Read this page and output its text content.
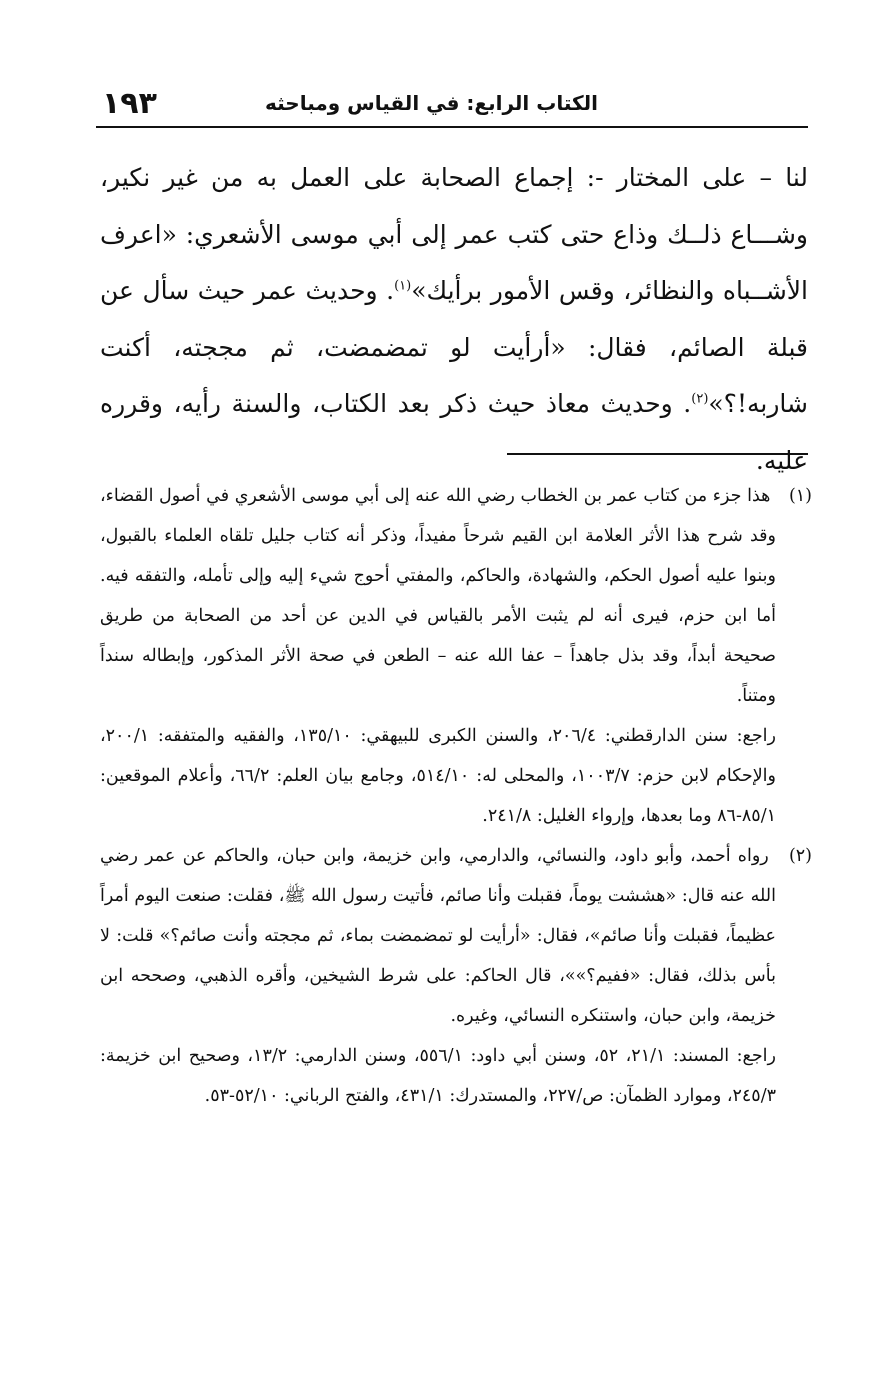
١٩٣	الكتاب الرابع: في القياس ومباحثه

لنا – على المختار -: إجماع الصحابة على العمل به من غير نكير، وشـــاع ذلــك وذاع حتى كتب عمر إلى أبي موسى الأشعري: «اعرف الأشــباه والنظائر، وقس الأمور برأيك»$^{(١)}$. وحديث عمر حيث سأل عن قبلة الصائم، فقال: «أرأيت لو تمضمضت، ثم مججته، أكنت شاربه!؟»$^{(٢)}$. وحديث معاذ حيث ذكر بعد الكتاب، والسنة رأيه، وقرره عليه.

(١) هذا جزء من كتاب عمر بن الخطاب رضي الله عنه إلى أبي موسى الأشعري في أصول القضاء، وقد شرح هذا الأثر العلامة ابن القيم شرحاً مفيداً، وذكر أنه كتاب جليل تلقاه العلماء بالقبول، وبنوا عليه أصول الحكم، والشهادة، والحاكم، والمفتي أحوج شيء إليه وإلى تأمله، والتفقه فيه. أما ابن حزم، فيرى أنه لم يثبت الأمر بالقياس في الدين عن أحد من الصحابة من طريق صحيحة أبداً، وقد بذل جاهداً – عفا الله عنه – الطعن في صحة الأثر المذكور، وإبطاله سنداً ومتناً.
راجع: سنن الدارقطني: ٢٠٦/٤، والسنن الكبرى للبيهقي: ١٣٥/١٠، والفقيه والمتفقه: ٢٠٠/١، والإحكام لابن حزم: ١٠٠٣/٧، والمحلى له: ٥١٤/١٠، وجامع بيان العلم: ٦٦/٢، وأعلام الموقعين: ٨٥/١-٨٦ وما بعدها، وإرواء الغليل: ٢٤١/٨.
(٢) رواه أحمد، وأبو داود، والنسائي، والدارمي، وابن خزيمة، وابن حبان، والحاكم عن عمر رضي الله عنه قال: «هششت يوماً، فقبلت وأنا صائم، فأتيت رسول الله ﷺ، فقلت: صنعت اليوم أمراً عظيماً، فقبلت وأنا صائم»، فقال: «أرأيت لو تمضمضت بماء، ثم مججته وأنت صائم؟» قلت: لا بأس بذلك، فقال: «ففيم؟»»، قال الحاكم: على شرط الشيخين، وأقره الذهبي، وصححه ابن خزيمة، وابن حبان، واستنكره النسائي، وغيره.
راجع: المسند: ٢١/١، ٥٢، وسنن أبي داود: ٥٥٦/١، وسنن الدارمي: ١٣/٢، وصحيح ابن خزيمة: ٢٤٥/٣، وموارد الظمآن: ص/٢٢٧، والمستدرك: ٤٣١/١، والفتح الرباني: ٥٢/١٠-٥٣.
